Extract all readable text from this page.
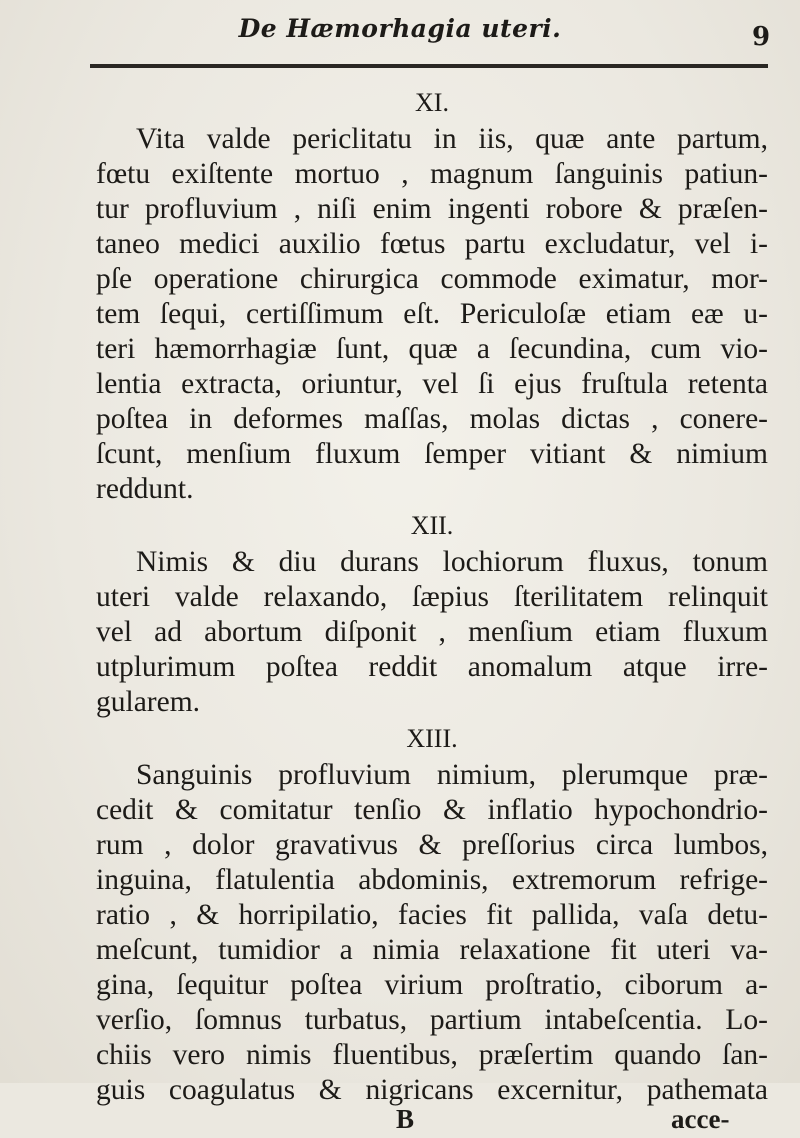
De Hæmorhagia uteri.	9
XI.
Vita valde periclitatu in iis, quæ ante partum,
fœtu exiſtente mortuo , magnum ſanguinis patiun-
tur profluvium , niſi enim ingenti robore & præſen-
taneo medici auxilio fœtus partu excludatur, vel i-
pſe operatione chirurgica commode eximatur, mor-
tem ſequi, certiſſimum eſt. Periculoſæ etiam eæ u-
teri hæmorrhagiæ ſunt, quæ a ſecundina, cum vio-
lentia extracta, oriuntur, vel ſi ejus fruſtula retenta
poſtea in deformes maſſas, molas dictas , conere-
ſcunt, menſium fluxum ſemper vitiant & nimium
reddunt.
XII.
Nimis & diu durans lochiorum fluxus, tonum
uteri valde relaxando, ſæpius ſterilitatem relinquit
vel ad abortum diſponit , menſium etiam fluxum
utplurimum poſtea reddit anomalum atque irre-
gularem.
XIII.
Sanguinis profluvium nimium, plerumque præ-
cedit & comitatur tenſio & inflatio hypochondrio-
rum , dolor gravativus & preſſorius circa lumbos,
inguina, flatulentia abdominis, extremorum refrige-
ratio , & horripilatio, facies fit pallida, vaſa detu-
meſcunt, tumidior a nimia relaxatione fit uteri va-
gina, ſequitur poſtea virium proſtratio, ciborum a-
verſio, ſomnus turbatus, partium intabeſcentia. Lo-
chiis vero nimis fluentibus, præſertim quando ſan-
guis coagulatus & nigricans excernitur, pathemata
B	acce-
